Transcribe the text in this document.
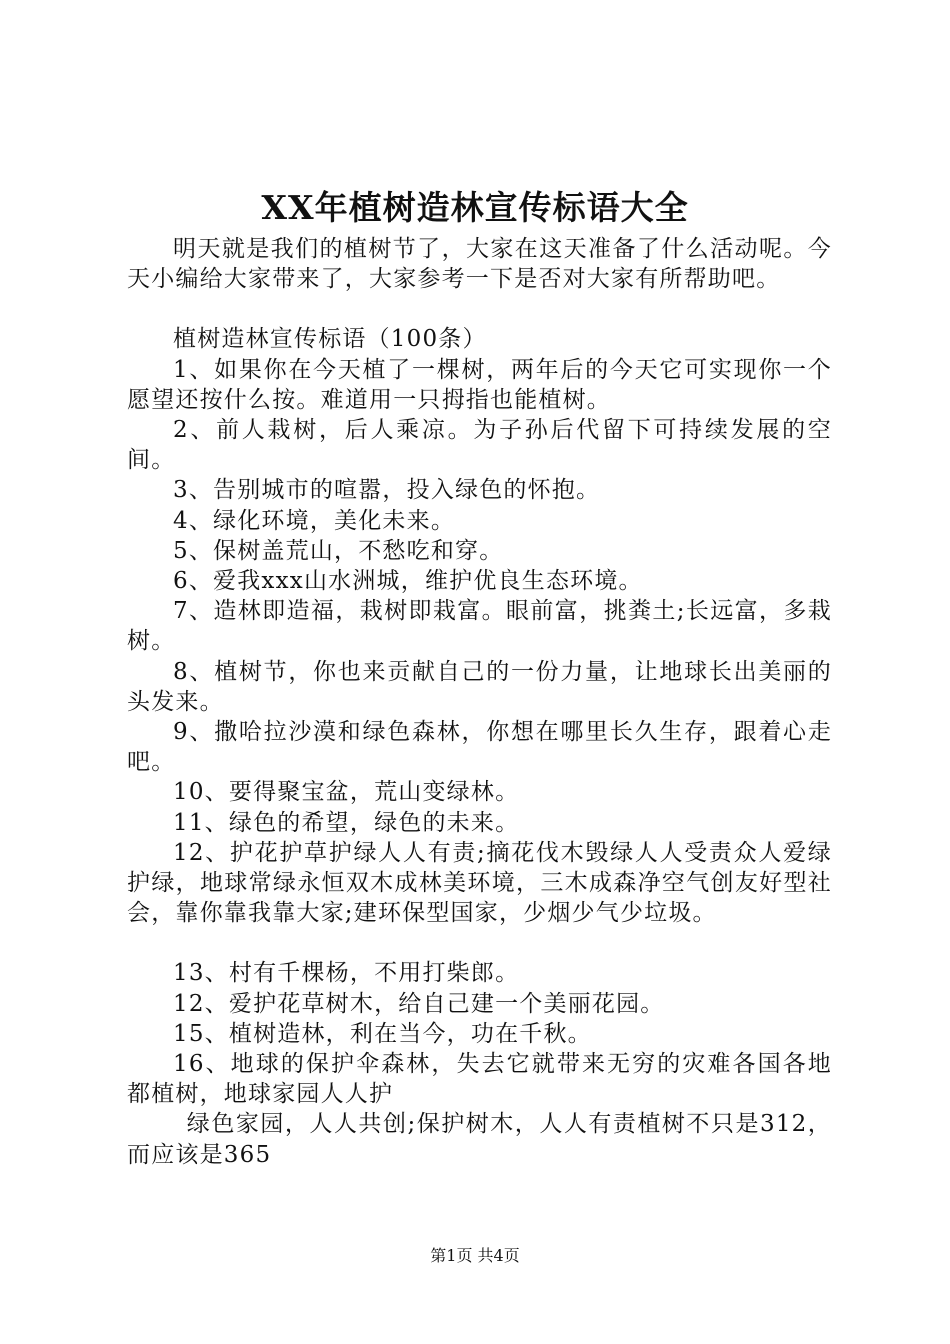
XX年植树造林宣传标语大全

明天就是我们的植树节了，大家在这天准备了什么活动呢。今天小编给大家带来了，大家参考一下是否对大家有所帮助吧。

植树造林宣传标语（100条）

1、如果你在今天植了一棵树，两年后的今天它可实现你一个愿望还按什么按。难道用一只拇指也能植树。

2、前人栽树，后人乘凉。为子孙后代留下可持续发展的空间。

3、告别城市的喧嚣，投入绿色的怀抱。

4、绿化环境，美化未来。

5、保树盖荒山，不愁吃和穿。

6、爱我xxx山水洲城，维护优良生态环境。

7、造林即造福，栽树即栽富。眼前富，挑粪土;长远富，多栽树。

8、植树节，你也来贡献自己的一份力量，让地球长出美丽的头发来。

9、撒哈拉沙漠和绿色森林，你想在哪里长久生存，跟着心走吧。

10、要得聚宝盆，荒山变绿林。

11、绿色的希望，绿色的未来。

12、护花护草护绿人人有责;摘花伐木毁绿人人受责众人爱绿护绿，地球常绿永恒双木成林美环境，三木成森净空气创友好型社会，靠你靠我靠大家;建环保型国家，少烟少气少垃圾。

13、村有千棵杨，不用打柴郎。

12、爱护花草树木，给自己建一个美丽花园。

15、植树造林，利在当今，功在千秋。

16、地球的保护伞森林，失去它就带来无穷的灾难各国各地都植树，地球家园人人护

绿色家园，人人共创;保护树木，人人有责植树不只是312，而应该是365

第1页 共4页
